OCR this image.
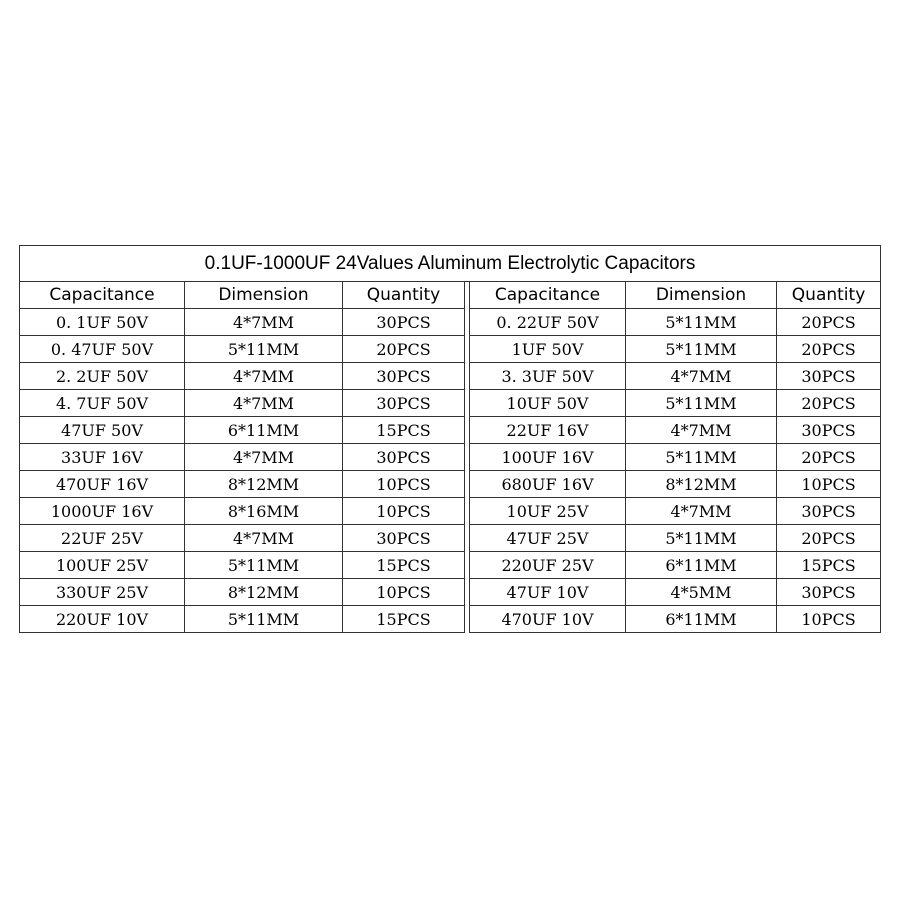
0.1UF-1000UF 24Values Aluminum Electrolytic Capacitors						
Capacitance	Dimension	Quantity		Capacitance	Dimension	Quantity
0. 1UF 50V	4*7MM	30PCS		0. 22UF 50V	5*11MM	20PCS
0. 47UF 50V	5*11MM	20PCS		1UF 50V	5*11MM	20PCS
2. 2UF 50V	4*7MM	30PCS		3. 3UF 50V	4*7MM	30PCS
4. 7UF 50V	4*7MM	30PCS		10UF 50V	5*11MM	20PCS
47UF 50V	6*11MM	15PCS		22UF 16V	4*7MM	30PCS
33UF 16V	4*7MM	30PCS		100UF 16V	5*11MM	20PCS
470UF 16V	8*12MM	10PCS		680UF 16V	8*12MM	10PCS
1000UF 16V	8*16MM	10PCS		10UF 25V	4*7MM	30PCS
22UF 25V	4*7MM	30PCS		47UF 25V	5*11MM	20PCS
100UF 25V	5*11MM	15PCS		220UF 25V	6*11MM	15PCS
330UF 25V	8*12MM	10PCS		47UF 10V	4*5MM	30PCS
220UF 10V	5*11MM	15PCS		470UF 10V	6*11MM	10PCS
